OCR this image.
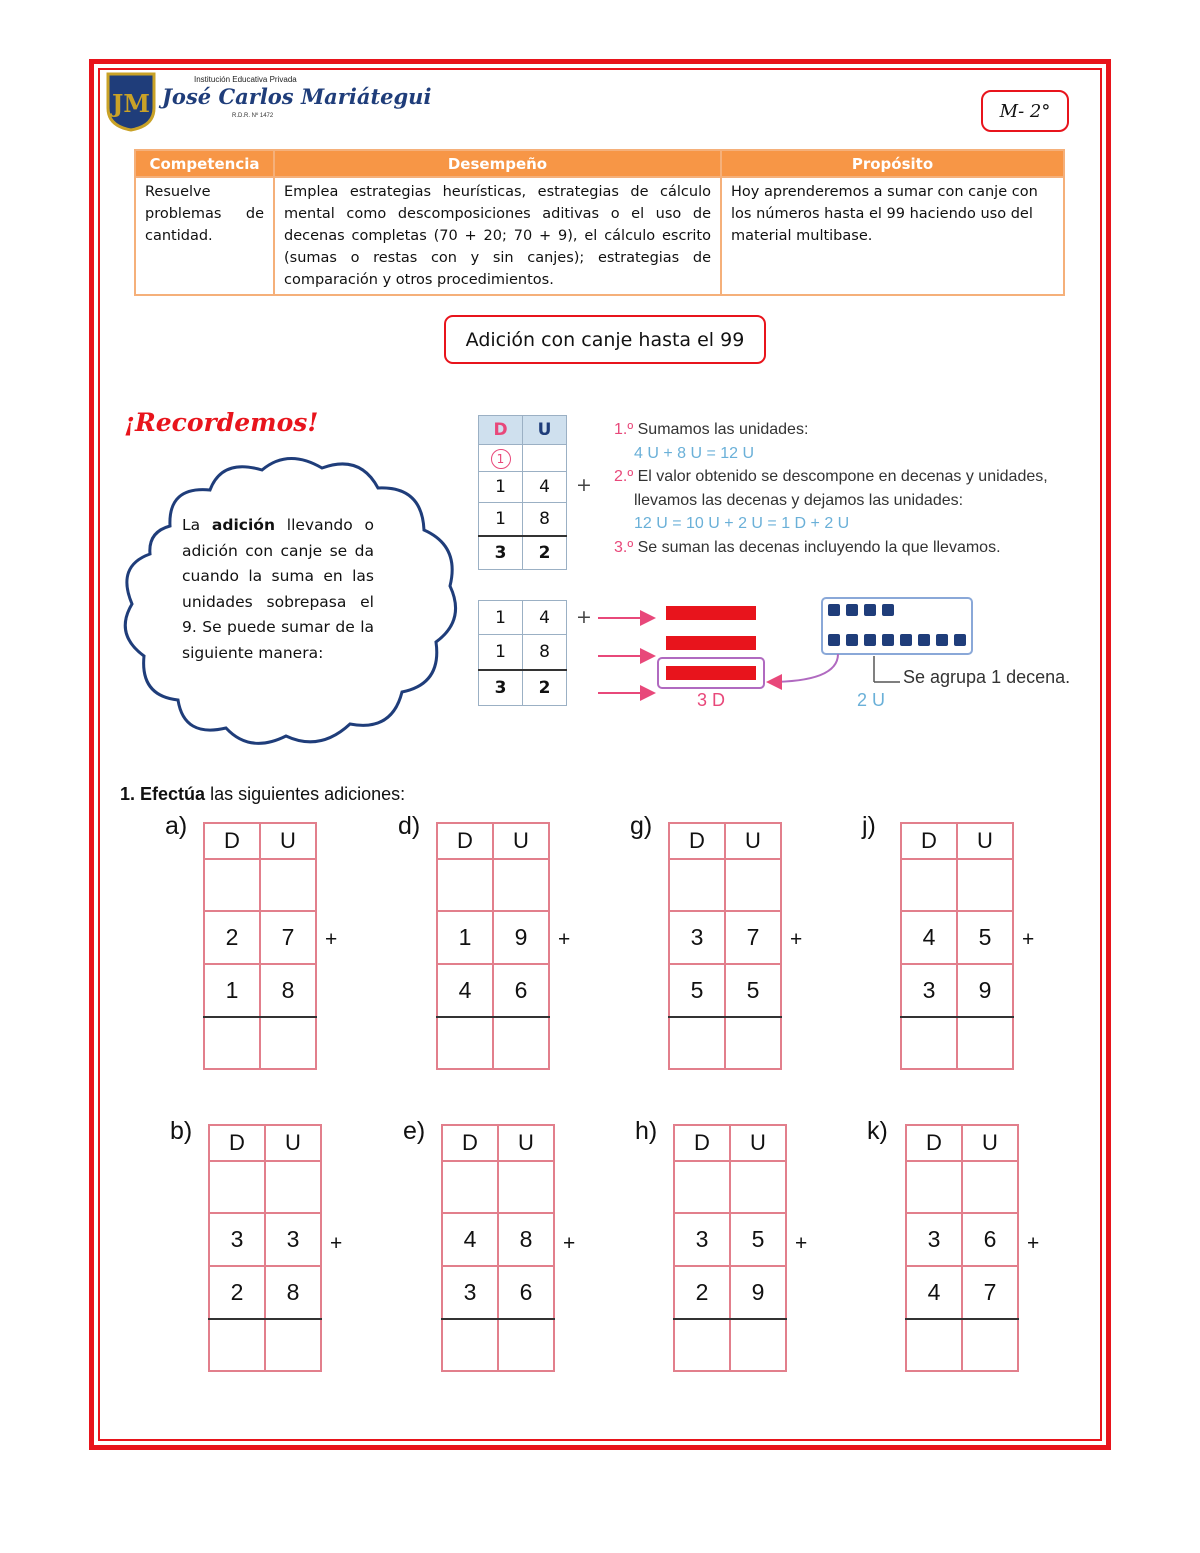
JM
Institución Educativa Privada
José Carlos Mariátegui
R.D.R. Nº 1472	M- 2°
Competencia	Desempeño	Propósito
Resuelve problemas de cantidad.	Emplea estrategias heurísticas, estrategias de cálculo mental como descomposiciones aditivas o el uso de decenas completas (70 + 20; 70 + 9), el cálculo escrito (sumas o restas con y sin canjes); estrategias de comparación y otros procedimientos.	Hoy aprenderemos a sumar con canje con los números hasta el 99 haciendo uso del material multibase.
Adición con canje hasta el 99
¡Recordemos!
La adición llevando o adición con canje se da cuando la suma en las unidades sobrepasa el 9. Se puede sumar de la siguiente manera:
D	U
1	
1	4
1	8
3	2
+
1.º Sumamos las unidades:
4 U + 8 U = 12 U
2.º El valor obtenido se descompone en decenas y unidades,
llevamos las decenas y dejamos las unidades:
12 U = 10 U + 2 U = 1 D + 2 U
3.º Se suman las decenas incluyendo la que llevamos.
1	4
1	8
3	2
+
3 D	2 U
Se agrupa 1 decena.
1. Efectúa las siguientes adiciones:
a)
D	U

2	7
1	8

+
d)
D	U

1	9
4	6

+
g)
D	U

3	7
5	5

+
j)
D	U

4	5
3	9

+
b) D	U

3	3
2	8

+
e) D	U

4	8
3	6

+
h) D	U

3	5
2	9

+
k) D	U

3	6
4	7

+
